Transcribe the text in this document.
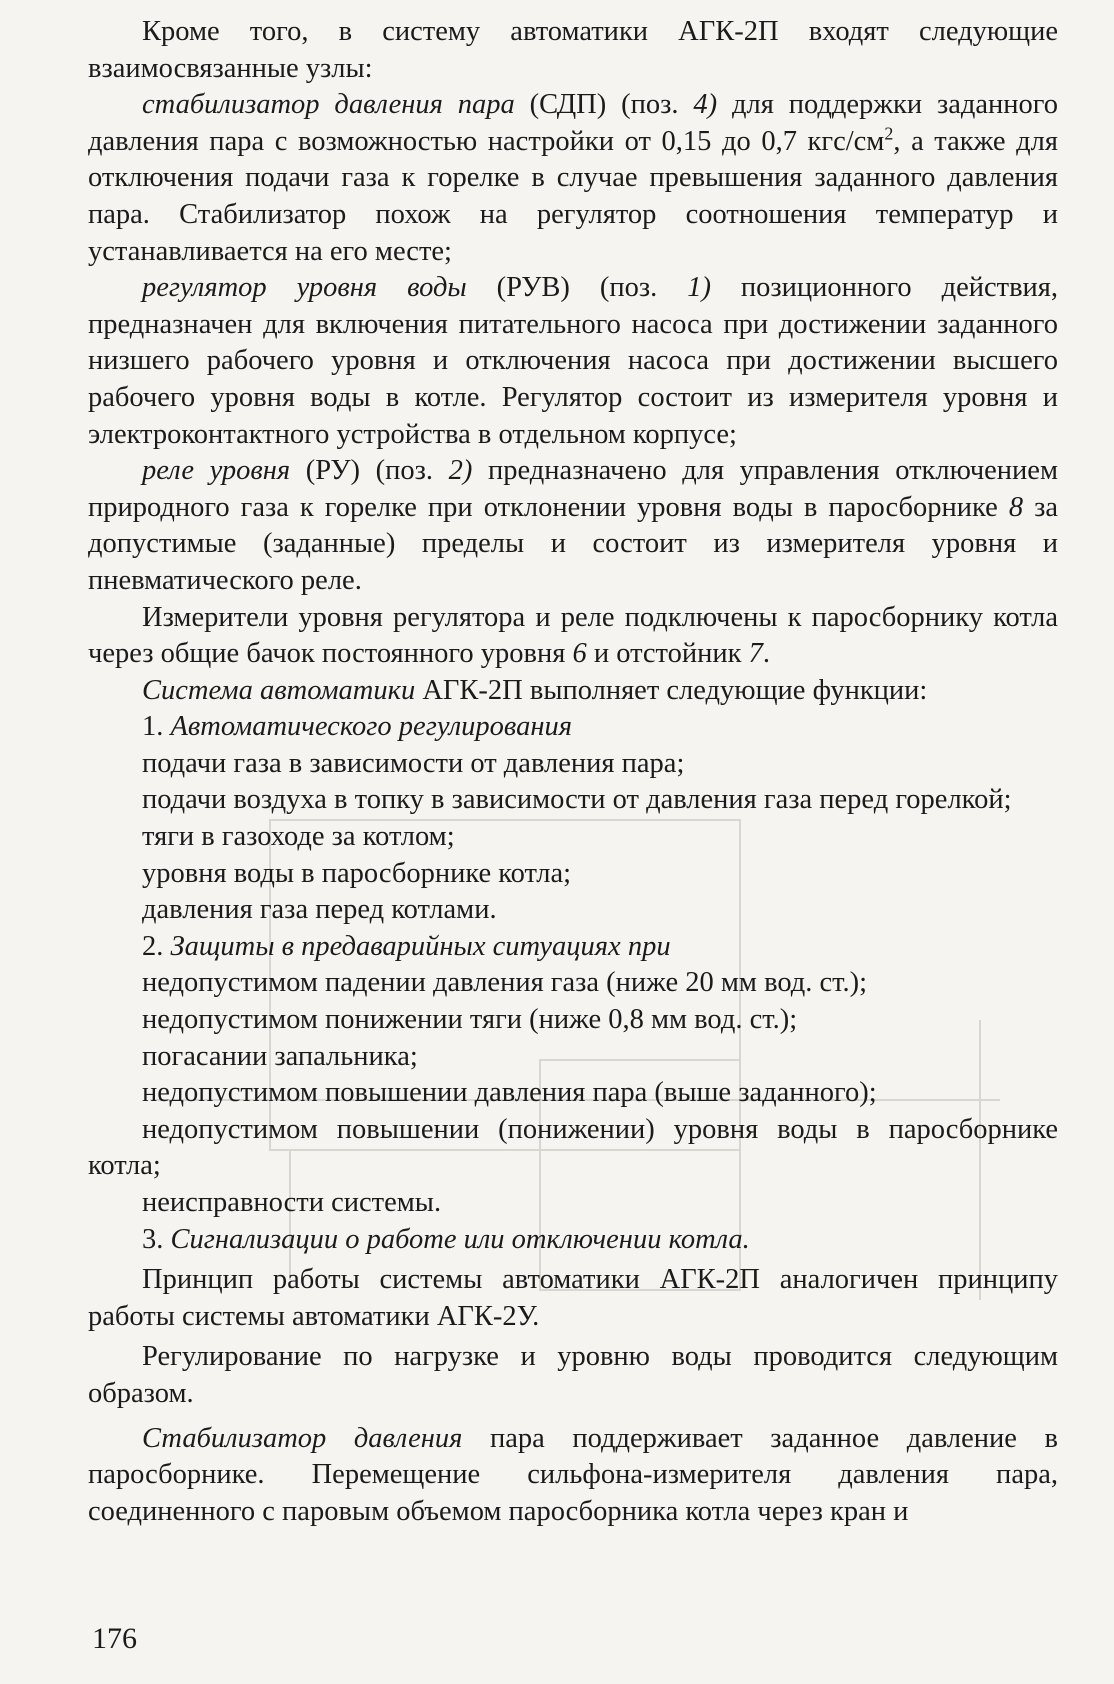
Кроме того, в систему автоматики АГК-2П входят следующие взаимосвязанные узлы:

стабилизатор давления пара (СДП) (поз. 4) для поддержки заданного давления пара с возможностью настройки от 0,15 до 0,7 кгс/$см^2$, а также для отключения подачи газа к горелке в случае превышения заданного давления пара. Стабилизатор похож на регулятор соотношения температур и устанавливается на его месте;

регулятор уровня воды (РУВ) (поз. 1) позиционного действия, предназначен для включения питательного насоса при достижении заданного низшего рабочего уровня и отключения насоса при достижении высшего рабочего уровня воды в котле. Регулятор состоит из измерителя уровня и электроконтактного устройства в отдельном корпусе;

реле уровня (РУ) (поз. 2) предназначено для управления отключением природного газа к горелке при отклонении уровня воды в паросборнике 8 за допустимые (заданные) пределы и состоит из измерителя уровня и пневматического реле.

Измерители уровня регулятора и реле подключены к паросборнику котла через общие бачок постоянного уровня 6 и отстойник 7.

Система автоматики АГК-2П выполняет следующие функции:

1. Автоматического регулирования

подачи газа в зависимости от давления пара;

подачи воздуха в топку в зависимости от давления газа перед горелкой;

тяги в газоходе за котлом;

уровня воды в паросборнике котла;

давления газа перед котлами.

2. Защиты в предаварийных ситуациях при

недопустимом падении давления газа (ниже 20 мм вод. ст.);

недопустимом понижении тяги (ниже 0,8 мм вод. ст.);

погасании запальника;

недопустимом повышении давления пара (выше заданного);

недопустимом повышении (понижении) уровня воды в паросборнике котла;

неисправности системы.

3. Сигнализации о работе или отключении котла.

Принцип работы системы автоматики АГК-2П аналогичен принципу работы системы автоматики АГК-2У.

Регулирование по нагрузке и уровню воды проводится следующим образом.

Стабилизатор давления пара поддерживает заданное давление в паросборнике. Перемещение сильфона-измерителя давления пара, соединенного с паровым объемом паросборника котла через кран и

176
